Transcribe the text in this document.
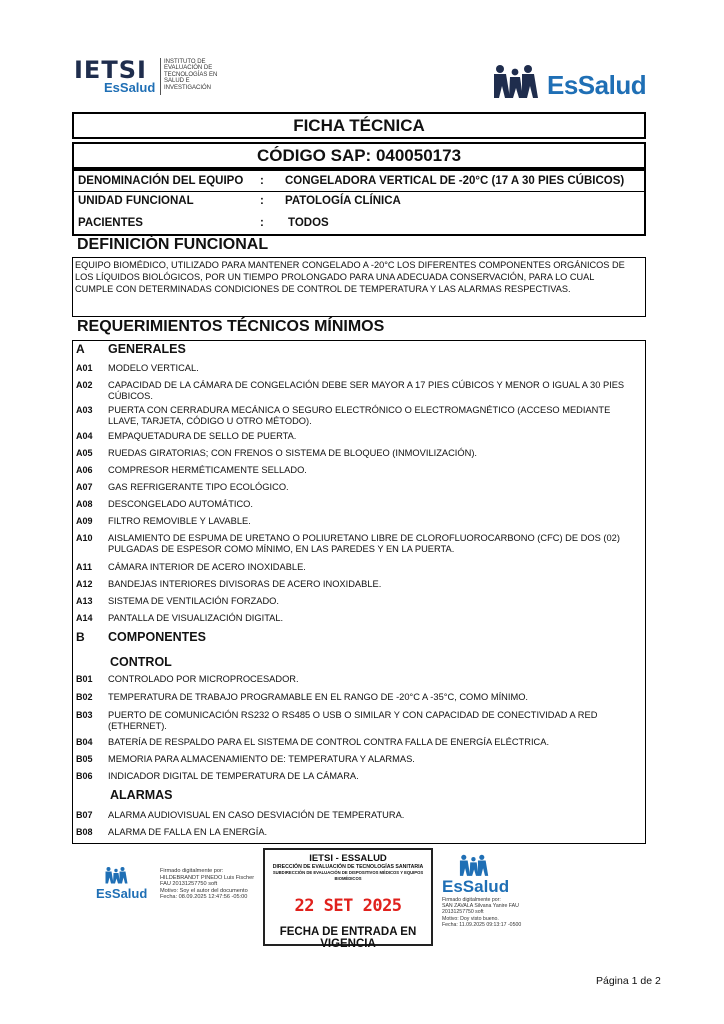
IETSI
EsSalud
INSTITUTO DE
EVALUACIÓN DE
TECNOLOGÍAS EN
SALUD E
INVESTIGACIÓN	EsSalud
FICHA TÉCNICA
CÓDIGO SAP: 040050173
DENOMINACIÓN DEL EQUIPO : CONGELADORA VERTICAL DE -20°C (17 A 30 PIES CÚBICOS)
UNIDAD FUNCIONAL	: PATOLOGÍA CLÍNICA
PACIENTES	: TODOS
DEFINICIÓN FUNCIONAL
EQUIPO BIOMÉDICO, UTILIZADO PARA MANTENER CONGELADO A -20°C LOS DIFERENTES COMPONENTES ORGÁNICOS DE
LOS LÍQUIDOS BIOLÓGICOS, POR UN TIEMPO PROLONGADO PARA UNA ADECUADA CONSERVACIÓN, PARA LO CUAL
CUMPLE CON DETERMINADAS CONDICIONES DE CONTROL DE TEMPERATURA Y LAS ALARMAS RESPECTIVAS.
REQUERIMIENTOS TÉCNICOS MÍNIMOS
A GENERALES
A01 MODELO VERTICAL.
A02 CAPACIDAD DE LA CÁMARA DE CONGELACIÓN DEBE SER MAYOR A 17 PIES CÚBICOS Y MENOR O IGUAL A 30 PIES
CÚBICOS.
A03 PUERTA CON CERRADURA MECÁNICA O SEGURO ELECTRÓNICO O ELECTROMAGNÉTICO (ACCESO MEDIANTE
LLAVE, TARJETA, CÓDIGO U OTRO MÉTODO).
A04 EMPAQUETADURA DE SELLO DE PUERTA.
A05 RUEDAS GIRATORIAS; CON FRENOS O SISTEMA DE BLOQUEO (INMOVILIZACIÓN).
A06 COMPRESOR HERMÉTICAMENTE SELLADO.
A07 GAS REFRIGERANTE TIPO ECOLÓGICO.
A08 DESCONGELADO AUTOMÁTICO.
A09 FILTRO REMOVIBLE Y LAVABLE.
A10 AISLAMIENTO DE ESPUMA DE URETANO O POLIURETANO LIBRE DE CLOROFLUOROCARBONO (CFC) DE DOS (02)
PULGADAS DE ESPESOR COMO MÍNIMO, EN LAS PAREDES Y EN LA PUERTA.
A11 CÁMARA INTERIOR DE ACERO INOXIDABLE.
A12 BANDEJAS INTERIORES DIVISORAS DE ACERO INOXIDABLE.
A13 SISTEMA DE VENTILACIÓN FORZADO.
A14 PANTALLA DE VISUALIZACIÓN DIGITAL.
B COMPONENTES
CONTROL
B01 CONTROLADO POR MICROPROCESADOR.
B02 TEMPERATURA DE TRABAJO PROGRAMABLE EN EL RANGO DE -20°C A -35°C, COMO MÍNIMO.
B03 PUERTO DE COMUNICACIÓN RS232 O RS485 O USB O SIMILAR Y CON CAPACIDAD DE CONECTIVIDAD A RED
(ETHERNET).
B04 BATERÍA DE RESPALDO PARA EL SISTEMA DE CONTROL CONTRA FALLA DE ENERGÍA ELÉCTRICA.
B05 MEMORIA PARA ALMACENAMIENTO DE: TEMPERATURA Y ALARMAS.
B06 INDICADOR DIGITAL DE TEMPERATURA DE LA CÁMARA.
ALARMAS
B07 ALARMA AUDIOVISUAL EN CASO DESVIACIÓN DE TEMPERATURA.
B08 ALARMA DE FALLA EN LA ENERGÍA.
EsSalud
Firmado digitalmente por:
HILDEBRANDT PINEDO Luis Fischer
FAU 20131257750 soft
Motivo: Soy el autor del documento
Fecha: 08.09.2025 12:47:56 -05:00
IETSI - ESSALUD
DIRECCIÓN DE EVALUACIÓN DE TECNOLOGÍAS SANITARIA
SUBDIRECCIÓN DE EVALUACIÓN DE DISPOSITIVOS MÉDICOS Y EQUIPOS BIOMÉDICOS
22 SET 2025
FECHA DE ENTRADA EN VIGENCIA
EsSalud
Firmado digitalmente por:
SAN ZAVALA Silvana Yanire FAU
20131257750 soft
Motivo: Doy visto bueno.
Fecha: 11.09.2025 09:13:17 -0500
Página 1 de 2
